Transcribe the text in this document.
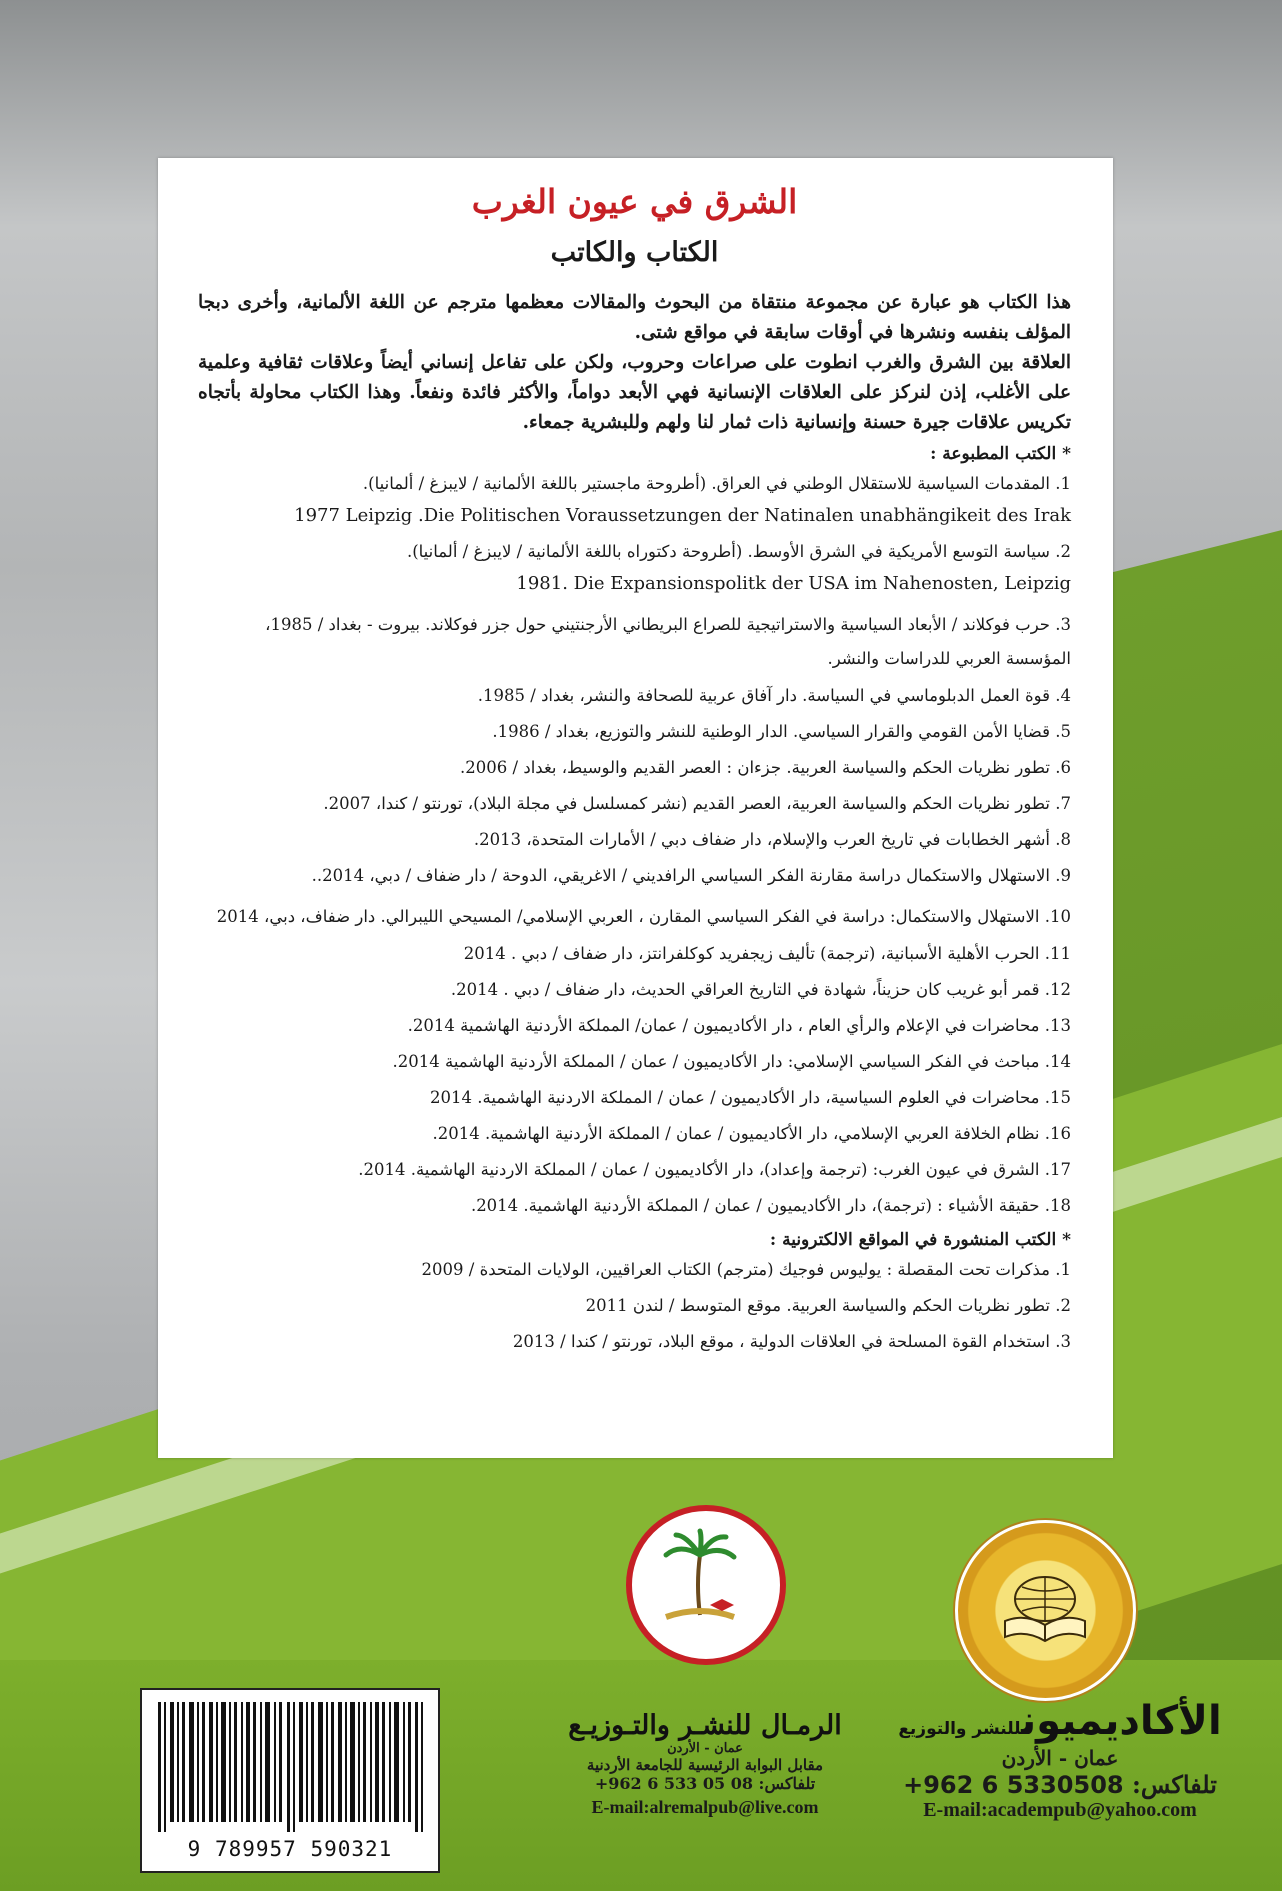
الشرق في عيون الغرب
الكتاب والكاتب

هذا الكتاب هو عبارة عن مجموعة منتقاة من البحوث والمقالات معظمها مترجم عن اللغة الألمانية، وأخرى دبجا المؤلف بنفسه ونشرها في أوقات سابقة في مواقع شتى.

العلاقة بين الشرق والغرب انطوت على صراعات وحروب، ولكن على تفاعل إنساني أيضاً وعلاقات ثقافية وعلمية على الأغلب، إذن لنركز على العلاقات الإنسانية فهي الأبعد دواماً، والأكثر فائدة ونفعاً. وهذا الكتاب محاولة بأتجاه تكريس علاقات جيرة حسنة وإنسانية ذات ثمار لنا ولهم وللبشرية جمعاء.

* الكتب المطبوعة :
1. المقدمات السياسية للاستقلال الوطني في العراق. (أطروحة ماجستير باللغة الألمانية / لايبزغ / ألمانيا).
1977 Leipzig .Die Politischen Voraussetzungen der Natinalen unabhängikeit des Irak
2. سياسة التوسع الأمريكية في الشرق الأوسط. (أطروحة دكتوراه باللغة الألمانية / لايبزغ / ألمانيا).
1981. Die Expansionspolitk der USA im Nahenosten, Leipzig
3. حرب فوكلاند / الأبعاد السياسية والاستراتيجية للصراع البريطاني الأرجنتيني حول جزر فوكلاند. بيروت - بغداد / 1985، المؤسسة العربي للدراسات والنشر.
4. قوة العمل الدبلوماسي في السياسة. دار آفاق عربية للصحافة والنشر، بغداد / 1985.
5. قضايا الأمن القومي والقرار السياسي. الدار الوطنية للنشر والتوزيع، بغداد / 1986.
6. تطور نظريات الحكم والسياسة العربية. جزءان : العصر القديم والوسيط، بغداد / 2006.
7. تطور نظريات الحكم والسياسة العربية، العصر القديم (نشر كمسلسل في مجلة البلاد)، تورنتو / كندا، 2007.
8. أشهر الخطابات في تاريخ العرب والإسلام، دار ضفاف دبي / الأمارات المتحدة، 2013.
9. الاستهلال والاستكمال دراسة مقارنة الفكر السياسي الرافديني / الاغريقي، الدوحة / دار ضفاف / دبي، 2014..
10. الاستهلال والاستكمال: دراسة في الفكر السياسي المقارن ، العربي الإسلامي/ المسيحي الليبرالي. دار ضفاف، دبي، 2014
11. الحرب الأهلية الأسبانية، (ترجمة) تأليف زيجفريد كوكلفرانتز، دار ضفاف / دبي . 2014
12. قمر أبو غريب كان حزيناً، شهادة في التاريخ العراقي الحديث، دار ضفاف / دبي . 2014.
13. محاضرات في الإعلام والرأي العام ، دار الأكاديميون / عمان/ المملكة الأردنية الهاشمية 2014.
14. مباحث في الفكر السياسي الإسلامي: دار الأكاديميون / عمان / المملكة الأردنية الهاشمية 2014.
15. محاضرات في العلوم السياسية، دار الأكاديميون / عمان / المملكة الاردنية الهاشمية. 2014
16. نظام الخلافة العربي الإسلامي، دار الأكاديميون / عمان / المملكة الأردنية الهاشمية. 2014.
17. الشرق في عيون الغرب: (ترجمة وإعداد)، دار الأكاديميون / عمان / المملكة الاردنية الهاشمية. 2014.
18. حقيقة الأشياء : (ترجمة)، دار الأكاديميون / عمان / المملكة الأردنية الهاشمية. 2014.
* الكتب المنشورة في المواقع الالكترونية :
1. مذكرات تحت المقصلة : يوليوس فوجيك (مترجم) الكتاب العراقيين، الولايات المتحدة / 2009
2. تطور نظريات الحكم والسياسة العربية. موقع المتوسط / لندن 2011
3. استخدام القوة المسلحة في العلاقات الدولية ، موقع البلاد، تورنتو / كندا / 2013
9 789957 590321
الأكاديميونللنشر والتوزيع
عمان - الأردن
تلفاكس: +962 6 5330508
E-mail:academpub@yahoo.com
الرمـال للنشـر والتـوزيـع
عمان - الأردن
مقابل البوابة الرئيسية للجامعة الأردنية
تلفاكس: +962 6 533 05 08
E-mail:alremalpub@live.com
